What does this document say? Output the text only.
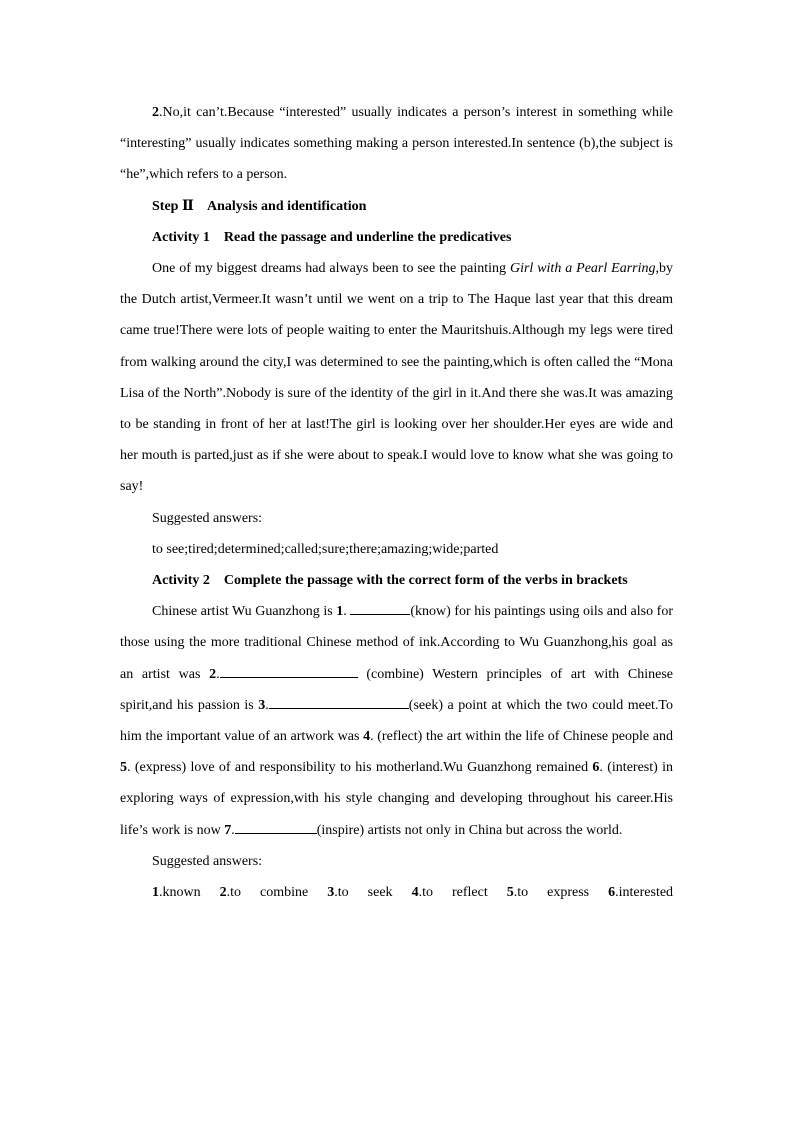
2.No,it can’t.Because “interested” usually indicates a person’s interest in something while “interesting” usually indicates something making a person interested.In sentence (b),the subject is “he”,which refers to a person.

Step Ⅱ    Analysis and identification

Activity 1    Read the passage and underline the predicatives

One of my biggest dreams had always been to see the painting Girl with a Pearl Earring,by the Dutch artist,Vermeer.It wasn’t until we went on a trip to The Haque last year that this dream came true!There were lots of people waiting to enter the Mauritshuis.Although my legs were tired from walking around the city,I was determined to see the painting,which is often called the “Mona Lisa of the North”.Nobody is sure of the identity of the girl in it.And there she was.It was amazing to be standing in front of her at last!The girl is looking over her shoulder.Her eyes are wide and her mouth is parted,just as if she were about to speak.I would love to know what she was going to say!

Suggested answers:

to see;tired;determined;called;sure;there;amazing;wide;parted

Activity 2    Complete the passage with the correct form of the verbs in brackets

Chinese artist Wu Guanzhong is 1.	(know) for his paintings using oils and also for those using the more traditional Chinese method of ink.According to Wu Guanzhong,his goal as an artist was 2.	(combine) Western principles of art with Chinese spirit,and his passion is 3.	(seek) a point at which the two could meet.To him the important value of an artwork was 4. (reflect) the art within the life of Chinese people and 5. (express) love of and responsibility to his motherland.Wu Guanzhong remained 6. (interest) in exploring ways of expression,with his style changing and developing throughout his career.His life’s work is now 7.	(inspire) artists not only in China but across the world.

Suggested answers:

1.known 2.to combine 3.to seek 4.to reflect 5.to express 6.interested
